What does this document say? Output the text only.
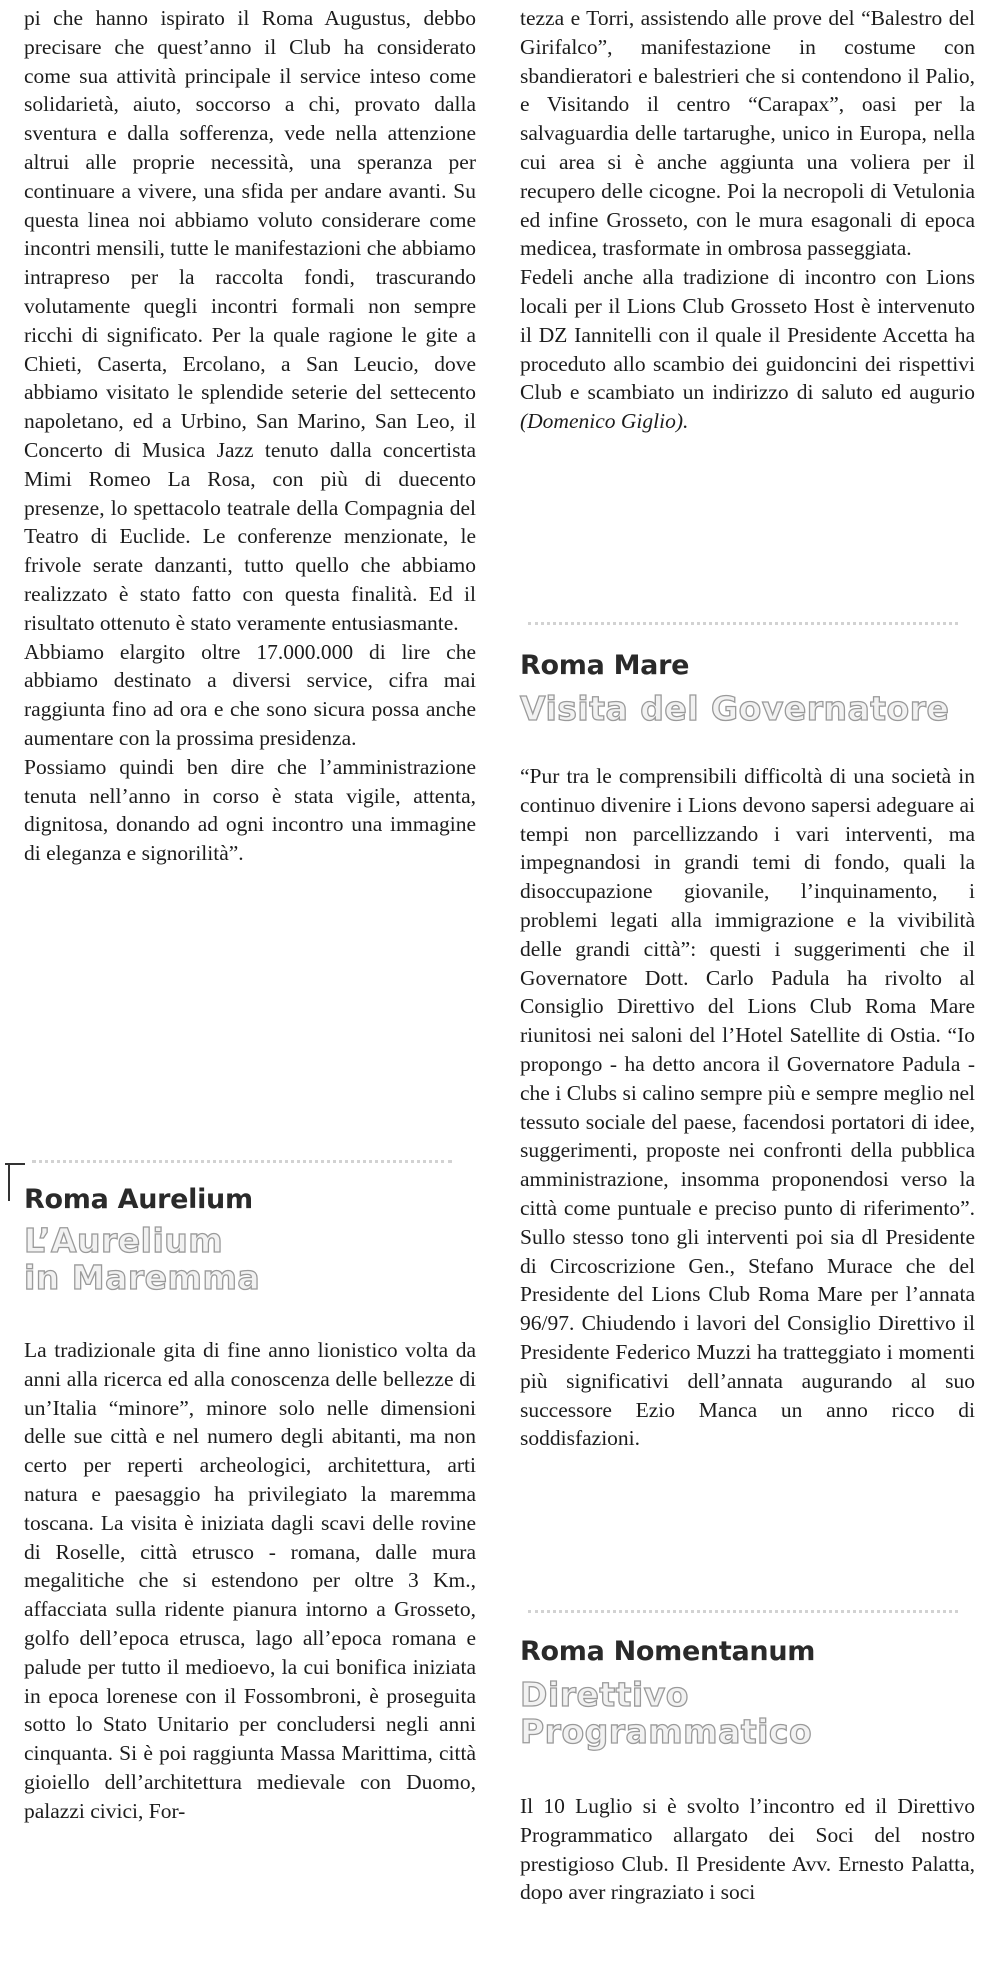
pi che hanno ispirato il Roma Augustus, debbo precisare che quest’anno il Club ha considerato come sua attività principale il service inteso come solidarietà, aiuto, soccorso a chi, provato dalla sventura e dalla sofferenza, vede nella attenzione altrui alle proprie necessità, una speranza per continuare a vivere, una sfida per andare avanti. Su questa linea noi abbiamo voluto considerare come incontri mensili, tutte le manifestazioni che abbiamo intrapreso per la raccolta fondi, trascurando volutamente quegli incontri formali non sempre ricchi di significato. Per la quale ragione le gite a Chieti, Caserta, Ercolano, a San Leucio, dove abbiamo visitato le splendide seterie del settecento napoletano, ed a Urbino, San Marino, San Leo, il Concerto di Musica Jazz tenuto dalla concertista Mimi Romeo La Rosa, con più di duecento presenze, lo spettacolo teatrale della Compagnia del Teatro di Euclide. Le conferenze menzionate, le frivole serate danzanti, tutto quello che abbiamo realizzato è stato fatto con questa finalità. Ed il risultato ottenuto è stato veramente entusiasmante.

Abbiamo elargito oltre 17.000.000 di lire che abbiamo destinato a diversi service, cifra mai raggiunta fino ad ora e che sono sicura possa anche aumentare con la prossima presidenza.

Possiamo quindi ben dire che l’amministrazione tenuta nell’anno in corso è stata vigile, attenta, dignitosa, donando ad ogni incontro una immagine di eleganza e signorilità”.

Roma Aurelium
L’Aurelium
in Maremma

La tradizionale gita di fine anno lionistico volta da anni alla ricerca ed alla conoscenza delle bellezze di un’Italia “minore”, minore solo nelle dimensioni delle sue città e nel numero degli abitanti, ma non certo per reperti archeologici, architettura, arti natura e paesaggio ha privilegiato la maremma toscana. La visita è iniziata dagli scavi delle rovine di Roselle, città etrusco - romana, dalle mura megalitiche che si estendono per oltre 3 Km., affacciata sulla ridente pianura intorno a Grosseto, golfo dell’epoca etrusca, lago all’epoca romana e palude per tutto il medioevo, la cui bonifica iniziata in epoca lorenese con il Fossombroni, è proseguita sotto lo Stato Unitario per concludersi negli anni cinquanta. Si è poi raggiunta Massa Marittima, città gioiello dell’architettura medievale con Duomo, palazzi civici, For-

tezza e Torri, assistendo alle prove del “Balestro del Girifalco”, manifestazione in costume con sbandieratori e balestrieri che si contendono il Palio, e Visitando il centro “Carapax”, oasi per la salvaguardia delle tartarughe, unico in Europa, nella cui area si è anche aggiunta una voliera per il recupero delle cicogne. Poi la necropoli di Vetulonia ed infine Grosseto, con le mura esagonali di epoca medicea, trasformate in ombrosa passeggiata.

Fedeli anche alla tradizione di incontro con Lions locali per il Lions Club Grosseto Host è intervenuto il DZ Iannitelli con il quale il Presidente Accetta ha proceduto allo scambio dei guidoncini dei rispettivi Club e scambiato un indirizzo di saluto ed augurio (Domenico Giglio).

Roma Mare
Visita del Governatore

“Pur tra le comprensibili difficoltà di una società in continuo divenire i Lions devono sapersi adeguare ai tempi non parcellizzando i vari interventi, ma impegnandosi in grandi temi di fondo, quali la disoccupazione giovanile, l’inquinamento, i problemi legati alla immigrazione e la vivibilità delle grandi città”: questi i suggerimenti che il Governatore Dott. Carlo Padula ha rivolto al Consiglio Direttivo del Lions Club Roma Mare riunitosi nei saloni del l’Hotel Satellite di Ostia. “Io propongo - ha detto ancora il Governatore Padula - che i Clubs si calino sempre più e sempre meglio nel tessuto sociale del paese, facendosi portatori di idee, suggerimenti, proposte nei confronti della pubblica amministrazione, insomma proponendosi verso la città come puntuale e preciso punto di riferimento”. Sullo stesso tono gli interventi poi sia dl Presidente di Circoscrizione Gen., Stefano Murace che del Presidente del Lions Club Roma Mare per l’annata 96/97. Chiudendo i lavori del Consiglio Direttivo il Presidente Federico Muzzi ha tratteggiato i momenti più significativi dell’annata augurando al suo successore Ezio Manca un anno ricco di soddisfazioni.

Roma Nomentanum
Direttivo
Programmatico

Il 10 Luglio si è svolto l’incontro ed il Direttivo Programmatico allargato dei Soci del nostro prestigioso Club. Il Presidente Avv. Ernesto Palatta, dopo aver ringraziato i soci
